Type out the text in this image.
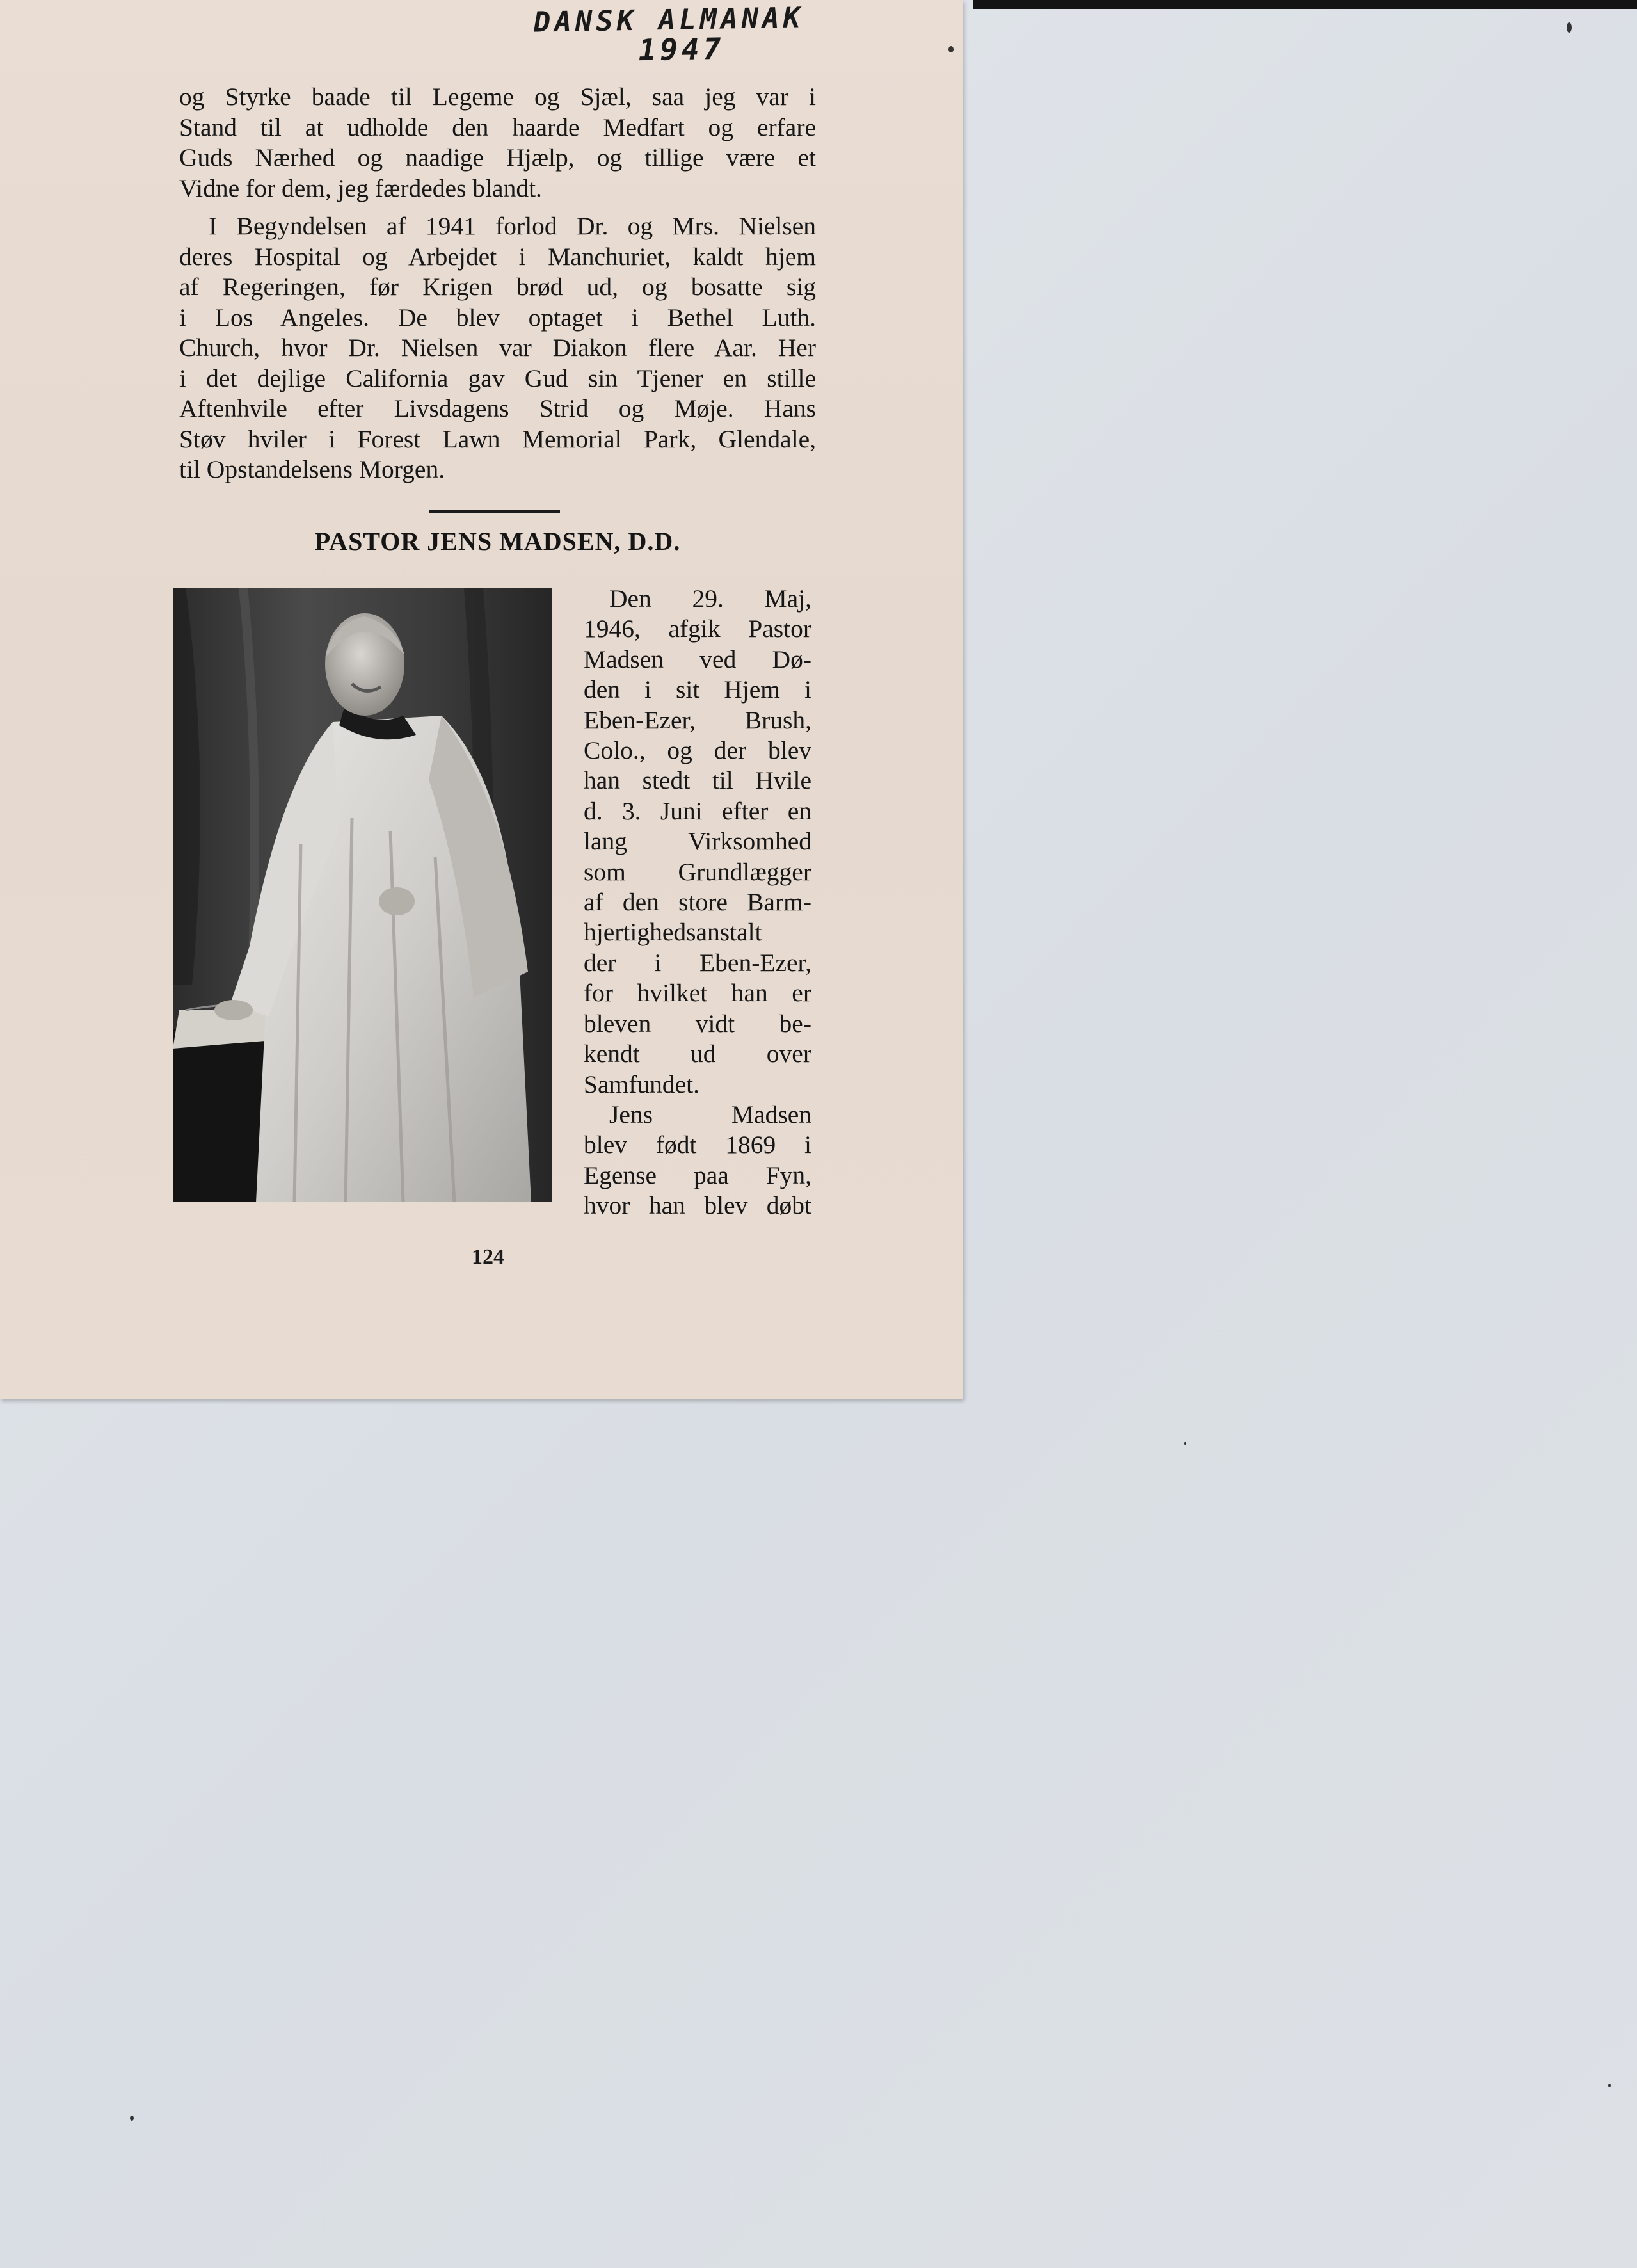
DANSK ALMANAK
1947
og Styrke baade til Legeme og Sjæl, saa jeg var i
Stand til at udholde den haarde Medfart og erfare
Guds Nærhed og naadige Hjælp, og tillige være et
Vidne for dem, jeg færdedes blandt.
I Begyndelsen af 1941 forlod Dr. og Mrs. Nielsen
deres Hospital og Arbejdet i Manchuriet, kaldt hjem
af Regeringen, før Krigen brød ud, og bosatte sig
i Los Angeles. De blev optaget i Bethel Luth.
Church, hvor Dr. Nielsen var Diakon flere Aar. Her
i det dejlige California gav Gud sin Tjener en stille
Aftenhvile efter Livsdagens Strid og Møje. Hans
Støv hviler i Forest Lawn Memorial Park, Glendale,
til Opstandelsens Morgen.
PASTOR JENS MADSEN, D.D.
Den 29. Maj,
1946, afgik Pastor
Madsen ved Dø-
den i sit Hjem i
Eben-Ezer, Brush,
Colo., og der blev
han stedt til Hvile
d. 3. Juni efter en
lang Virksomhed
som Grundlægger
af den store Barm-
hjertighedsanstalt
der i Eben-Ezer,
for hvilket han er
bleven vidt be-
kendt ud over
Samfundet.
Jens Madsen
blev født 1869 i
Egense paa Fyn,
hvor han blev døbt
124
